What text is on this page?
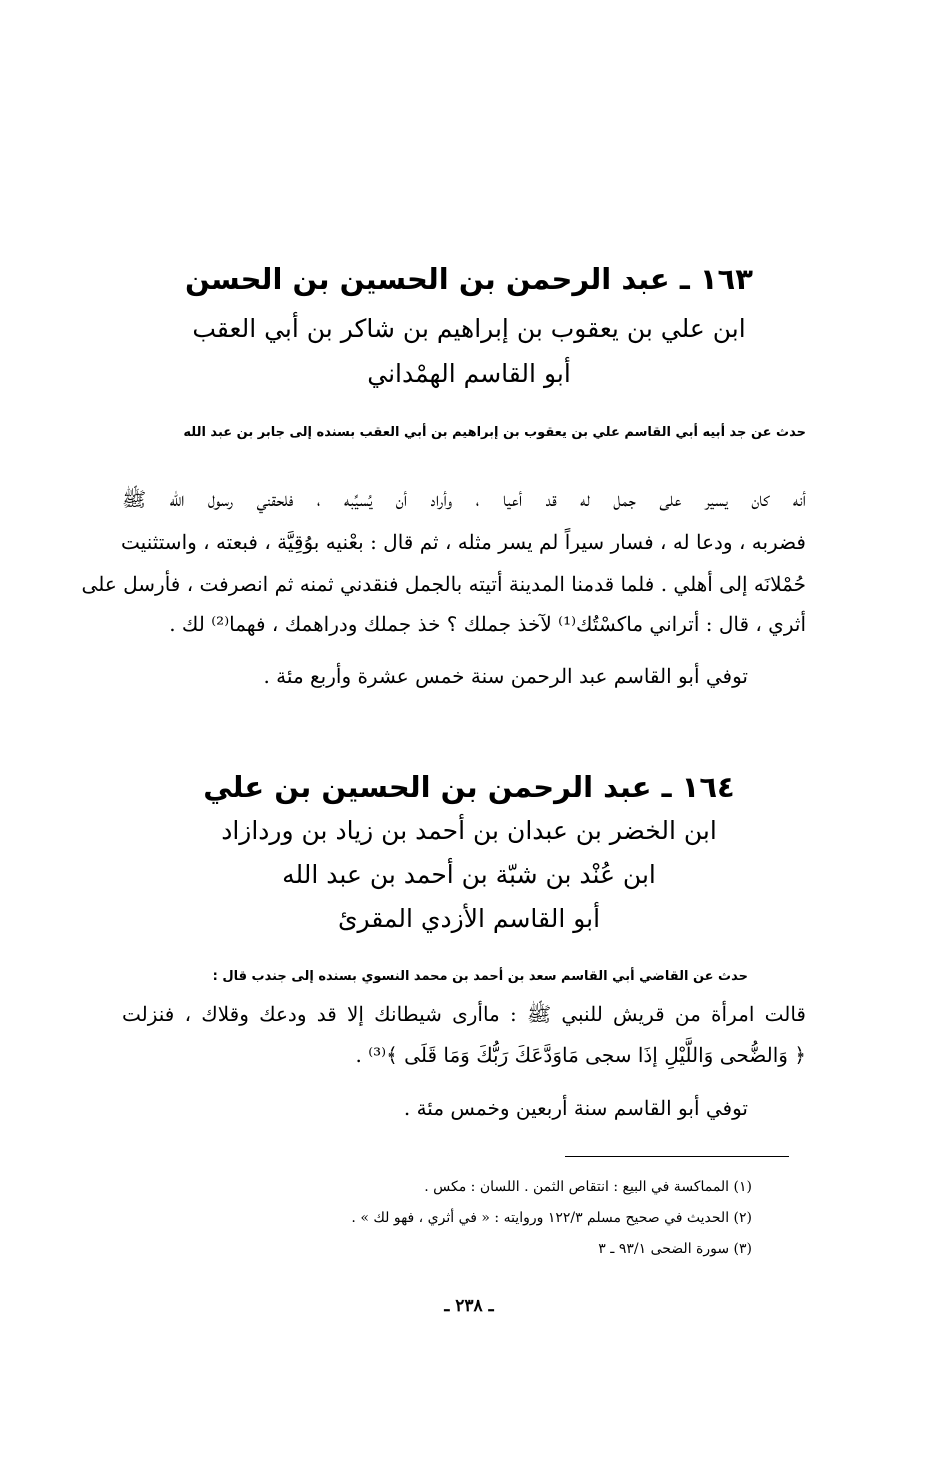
١٦٣ ـ عبد الرحمن بن الحسين بن الحسن
ابن علي بن يعقوب بن إبراهيم بن شاكر بن أبي العقب
أبو القاسم الهمْداني
حدث عن جد أبيه أبي القاسم علي بن يعقوب بن إبراهيم بن أبي العقب بسنده إلى جابر بن عبد الله
أنه كان يسير على جمل له قد أعيا ، وأراد أن يُسيِّبه ، فلحقني رسول الله ﷺ
فضربه ، ودعا له ، فسار سيراً لم يسر مثله ، ثم قال : بعْنيه بوُقِيَّة ، فبعته ، واستثنيت
حُمْلانَه إلى أهلي . فلما قدمنا المدينة أتيته بالجمل فنقدني ثمنه ثم انصرفت ، فأرسل على
أثري ، قال : أتراني ماكسْتُك⁽¹⁾ لآخذ جملك ؟ خذ جملك ودراهمك ، فهما⁽²⁾ لك .
توفي أبو القاسم عبد الرحمن سنة خمس عشرة وأربع مئة .
١٦٤ ـ عبد الرحمن بن الحسين بن علي
ابن الخضر بن عبدان بن أحمد بن زياد بن وردازاد
ابن عُنْد بن شبّة بن أحمد بن عبد الله
أبو القاسم الأزدي المقرئ
حدث عن القاضي أبي القاسم سعد بن أحمد بن محمد النسوي بسنده إلى جندب قال :
قالت امرأة من قريش للنبي ﷺ : ماأرى شيطانك إلا قد ودعك وقلاك ، فنزلت
﴿ وَالضُّحى وَاللَّيْلِ إذَا سجى مَاوَدَّعَكَ رَبُّكَ وَمَا قَلَى ﴾⁽³⁾ .
توفي أبو القاسم سنة أربعين وخمس مئة .
(١) المماكسة في البيع : انتقاص الثمن . اللسان : مكس .
(٢) الحديث في صحيح مسلم ١٢٢/٣ وروايته : « في أثري ، فهو لك » .
(٣) سورة الضحى ٩٣/١ ـ ٣
ـ ٢٣٨ ـ
